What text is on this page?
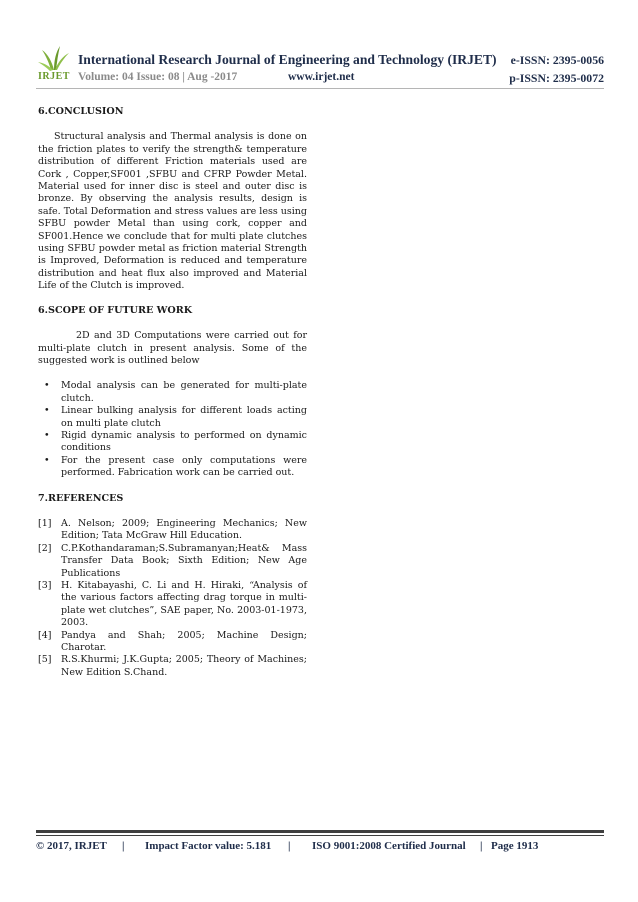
IRJET
International Research Journal of Engineering and Technology (IRJET) e-ISSN: 2395-0056
Volume: 04 Issue: 08 | Aug -2017	www.irjet.net	p-ISSN: 2395-0072

6.CONCLUSION

Structural analysis and Thermal analysis is done on the friction plates to verify the strength& temperature distribution of different Friction materials used are Cork , Copper,SF001 ,SFBU and CFRP Powder Metal. Material used for inner disc is steel and outer disc is bronze. By observing the analysis results, design is safe. Total Deformation and stress values are less using SFBU powder Metal than using cork, copper and SF001.Hence we conclude that for multi plate clutches using SFBU powder metal as friction material Strength is Improved, Deformation is reduced and temperature distribution and heat flux also improved and Material Life of the Clutch is improved.

6.SCOPE OF FUTURE WORK

2D and 3D Computations were carried out for multi-plate clutch in present analysis. Some of the suggested work is outlined below

• Modal analysis can be generated for multi-plate clutch.
• Linear bulking analysis for different loads acting on multi plate clutch
• Rigid dynamic analysis to performed on dynamic conditions
• For the present case only computations were performed. Fabrication work can be carried out.

7.REFERENCES

[1] A. Nelson; 2009; Engineering Mechanics; New Edition; Tata McGraw Hill Education.
[2] C.P.Kothandaraman;S.Subramanyan;Heat& Mass Transfer Data Book; Sixth Edition; New Age Publications
[3] H. Kitabayashi, C. Li and H. Hiraki, “Analysis of the various factors affecting drag torque in multi-plate wet clutches”, SAE paper, No. 2003-01-1973, 2003.
[4] Pandya and Shah; 2005; Machine Design; Charotar.
[5] R.S.Khurmi; J.K.Gupta; 2005; Theory of Machines; New Edition S.Chand.
© 2017, IRJET | Impact Factor value: 5.181 | ISO 9001:2008 Certified Journal | Page 1913
